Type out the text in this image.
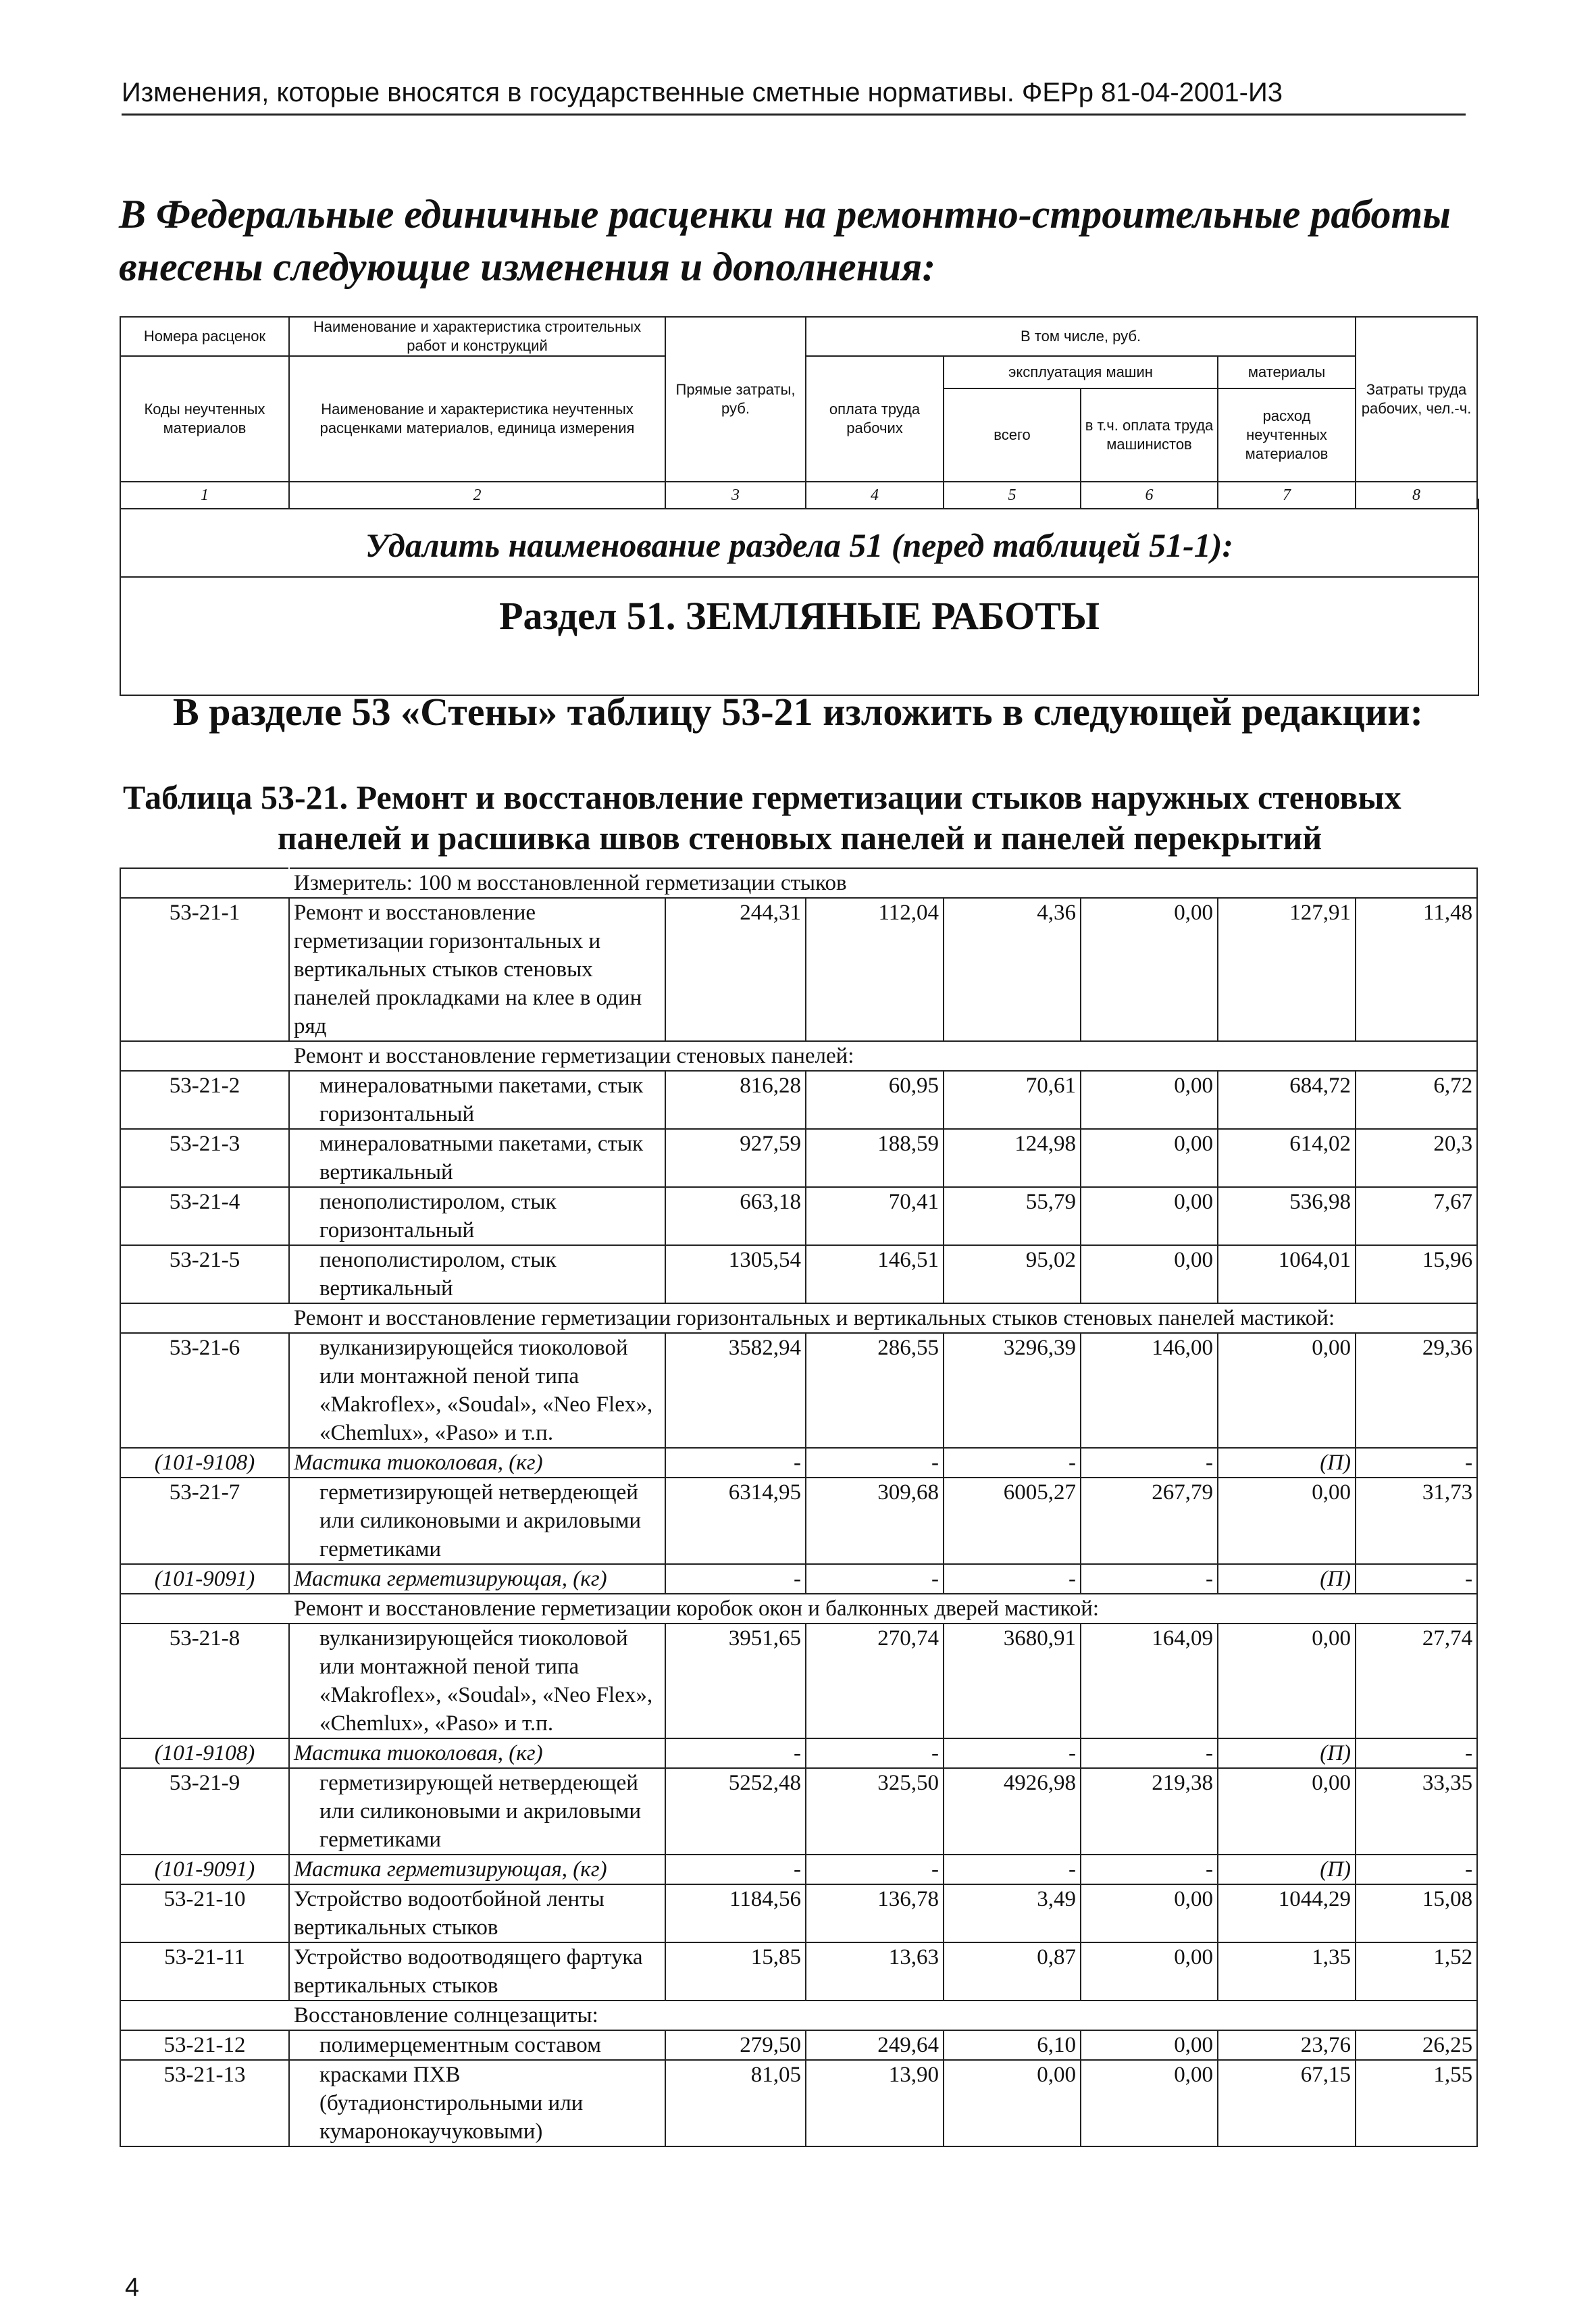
Изменения, которые вносятся в государственные сметные нормативы. ФЕРр 81-04-2001-И3
В Федеральные единичные расценки на ремонтно-строительные работы внесены следующие изменения и дополнения:
Номера расценок	Наименование и характеристика строительных работ и конструкций	Прямые затраты, руб.	В том числе, руб.				Затраты труда рабочих, чел.-ч.
Коды неучтенных материалов	Наименование и характеристика неучтенных расценками материалов, единица измерения		оплата труда рабочих	эксплуатация машин		материалы	
				всего	в т.ч. оплата труда машинистов	расход неучтенных материалов	
1	2	3	4	5	6	7	8
Удалить наименование раздела 51 (перед таблицей 51-1):
Раздел 51. ЗЕМЛЯНЫЕ РАБОТЫ
В разделе 53 «Стены» таблицу 53-21 изложить в следующей редакции:
Таблица 53-21. Ремонт и восстановление герметизации стыков наружных стеновых
панелей и расшивка швов стеновых панелей и панелей перекрытий
	Измеритель: 100 м восстановленной герметизации стыков						
53-21-1	Ремонт и восстановление герметизации горизонтальных и вертикальных стыков стеновых панелей прокладками на клее в один ряд	244,31	112,04	4,36	0,00	127,91	11,48
	Ремонт и восстановление герметизации стеновых панелей:						
53-21-2	минераловатными пакетами, стык горизонтальный	816,28	60,95	70,61	0,00	684,72	6,72
53-21-3	минераловатными пакетами, стык вертикальный	927,59	188,59	124,98	0,00	614,02	20,3
53-21-4	пенополистиролом, стык горизонтальный	663,18	70,41	55,79	0,00	536,98	7,67
53-21-5	пенополистиролом, стык вертикальный	1305,54	146,51	95,02	0,00	1064,01	15,96
	Ремонт и восстановление герметизации горизонтальных и вертикальных стыков стеновых панелей мастикой:						
53-21-6	вулканизирующейся тиоколовой или монтажной пеной типа «Makroflex», «Soudal», «Neo Flex», «Chemlux», «Paso» и т.п.	3582,94	286,55	3296,39	146,00	0,00	29,36
(101-9108)	Мастика тиоколовая, (кг)	-	-	-	-	(П)	-
53-21-7	герметизирующей нетвердеющей или силиконовыми и акриловыми герметиками	6314,95	309,68	6005,27	267,79	0,00	31,73
(101-9091)	Мастика герметизирующая, (кг)	-	-	-	-	(П)	-
	Ремонт и восстановление герметизации коробок окон и балконных дверей мастикой:						
53-21-8	вулканизирующейся тиоколовой или монтажной пеной типа «Makroflex», «Soudal», «Neo Flex», «Chemlux», «Paso» и т.п.	3951,65	270,74	3680,91	164,09	0,00	27,74
(101-9108)	Мастика тиоколовая, (кг)	-	-	-	-	(П)	-
53-21-9	герметизирующей нетвердеющей или силиконовыми и акриловыми герметиками	5252,48	325,50	4926,98	219,38	0,00	33,35
(101-9091)	Мастика герметизирующая, (кг)	-	-	-	-	(П)	-
53-21-10	Устройство водоотбойной ленты вертикальных стыков	1184,56	136,78	3,49	0,00	1044,29	15,08
53-21-11	Устройство водоотводящего фартука вертикальных стыков	15,85	13,63	0,87	0,00	1,35	1,52
	Восстановление солнцезащиты:						
53-21-12	полимерцементным составом	279,50	249,64	6,10	0,00	23,76	26,25
53-21-13	красками ПХВ (бутадионстирольными или кумаронокаучуковыми)	81,05	13,90	0,00	0,00	67,15	1,55
4
